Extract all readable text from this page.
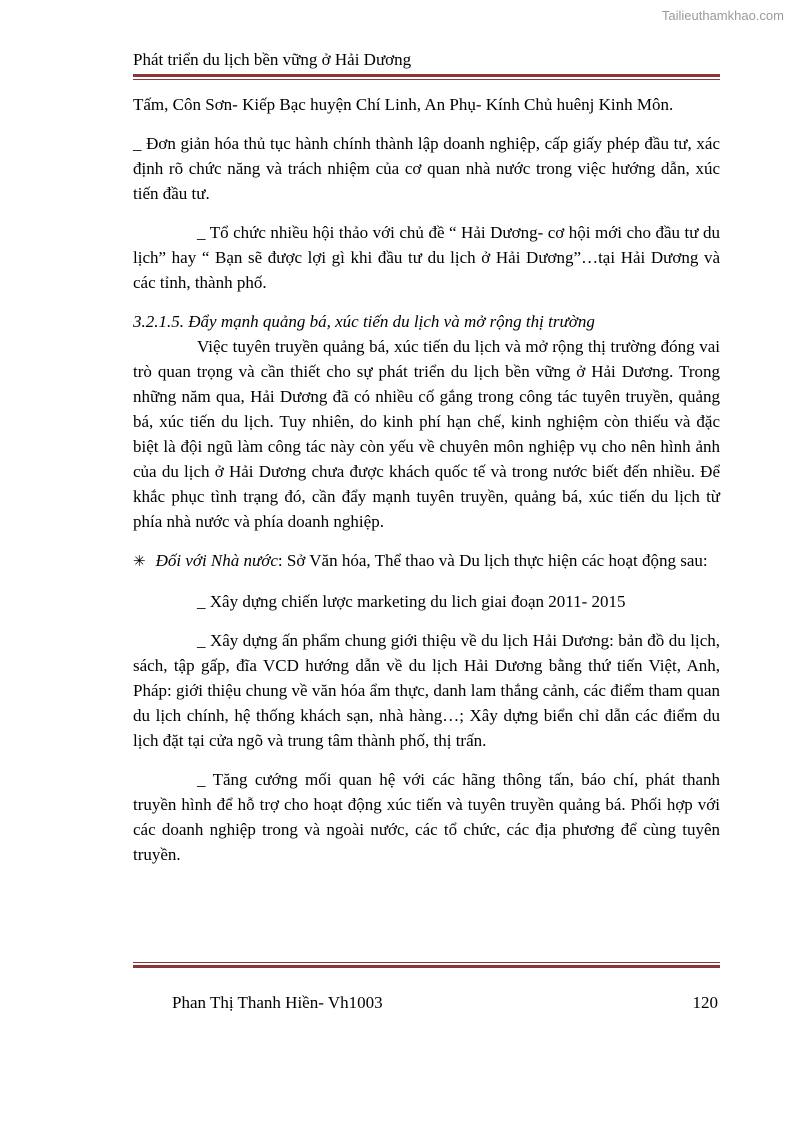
Tailieuthamkhao.com
Phát triển du lịch bền vững ở Hải Dương

Tấm, Côn Sơn- Kiếp Bạc huyện Chí Linh, An Phụ- Kính Chủ huênj Kinh Môn.

_ Đơn giản hóa thủ tục hành chính thành lập doanh nghiệp, cấp giấy phép đầu tư, xác định rõ chức năng và trách nhiệm của cơ quan nhà nước trong việc hướng dẫn, xúc tiến đầu tư.

_ Tổ chức nhiều hội thảo với chủ đề “ Hải Dương- cơ hội mới cho đầu tư du lịch” hay “ Bạn sẽ được lợi gì khi đầu tư du lịch ở Hải Dương”…tại Hải Dương và các tỉnh, thành phố.

3.2.1.5. Đẩy mạnh quảng bá, xúc tiến du lịch và mở rộng thị trường

Việc tuyên truyền quảng bá, xúc tiến du lịch và mở rộng thị trường đóng vai trò quan trọng và cần thiết cho sự phát triển du lịch bền vững ở Hải Dương. Trong những năm qua, Hải Dương đã có nhiều cố gắng trong công tác tuyên truyền, quảng bá, xúc tiến du lịch. Tuy nhiên, do kinh phí hạn chế, kinh nghiệm còn thiếu và đặc biệt là đội ngũ làm công tác này còn yếu về chuyên môn nghiệp vụ cho nên hình ảnh của du lịch ở Hải Dương chưa được khách quốc tế và trong nước biết đến nhiều. Để khắc phục tình trạng đó, cần đẩy mạnh tuyên truyền, quảng bá, xúc tiến du lịch từ phía nhà nước và phía doanh nghiệp.

✳ Đối với Nhà nước: Sở Văn hóa, Thể thao và Du lịch thực hiện các hoạt động sau:

_ Xây dựng chiến lược marketing du lich giai đoạn 2011- 2015

_ Xây dựng ấn phẩm chung giới thiệu về du lịch Hải Dương: bản đồ du lịch, sách, tập gấp, đĩa VCD hướng dẫn về du lịch Hải Dương bằng thứ tiến Việt, Anh, Pháp: giới thiệu chung về văn hóa ẩm thực, danh lam thắng cảnh, các điểm tham quan du lịch chính, hệ thống khách sạn, nhà hàng…; Xây dựng biển chỉ dẫn các điểm du lịch đặt tại cửa ngõ và trung tâm thành phố, thị trấn.

_ Tăng cướng mối quan hệ với các hãng thông tấn, báo chí, phát thanh truyền hình để hỗ trợ cho hoạt động xúc tiến và tuyên truyền quảng bá. Phối hợp với các doanh nghiệp trong và ngoài nước, các tổ chức, các địa phương để cùng tuyên truyền.

Phan Thị Thanh Hiền- Vh1003	120
